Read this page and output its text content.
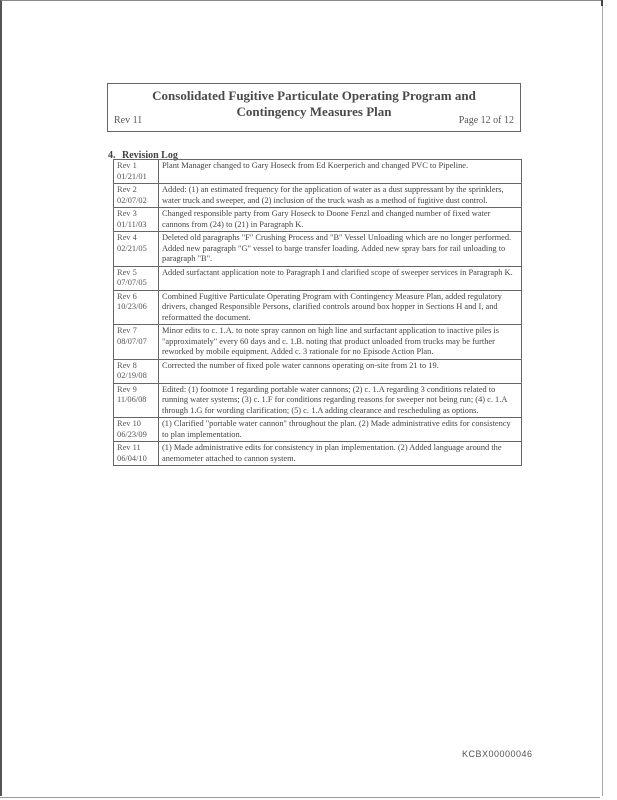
Consolidated Fugitive Particulate Operating Program and
Contingency Measures Plan
Rev 11	Page 12 of 12
4. Revision Log
Rev 1
01/21/01	Plant Manager changed to Gary Hoseck from Ed Koerperich and changed PVC to Pipeline.

Rev 2
02/07/02	Added: (1) an estimated frequency for the application of water as a dust suppressant by the sprinklers, water truck and sweeper, and (2) inclusion of the truck wash as a method of fugitive dust control.

Rev 3
01/11/03	Changed responsible party from Gary Hoseck to Doone Fenzl and changed number of fixed water cannons from (24) to (21) in Paragraph K.

Rev 4
02/21/05	Deleted old paragraphs "F" Crushing Process and "B" Vessel Unloading which are no longer performed. Added new paragraph "G" vessel to barge transfer loading. Added new spray bars for rail unloading to paragraph "B".

Rev 5
07/07/05	Added surfactant application note to Paragraph I and clarified scope of sweeper services in Paragraph K.

Rev 6
10/23/06	Combined Fugitive Particulate Operating Program with Contingency Measure Plan, added regulatory drivers, changed Responsible Persons, clarified controls around box hopper in Sections H and I, and reformatted the document.

Rev 7
08/07/07	Minor edits to c. 1.A. to note spray cannon on high line and surfactant application to inactive piles is "approximately" every 60 days and c. 1.B. noting that product unloaded from trucks may be further reworked by mobile equipment. Added c. 3 rationale for no Episode Action Plan.

Rev 8
02/19/08	Corrected the number of fixed pole water cannons operating on-site from 21 to 19.

Rev 9
11/06/08	Edited: (1) footnote 1 regarding portable water cannons; (2) c. 1.A regarding 3 conditions related to running water systems; (3) c. 1.F for conditions regarding reasons for sweeper not being run; (4) c. 1.A through 1.G for wording clarification; (5) c. 1.A adding clearance and rescheduling as options.

Rev 10
06/23/09	(1) Clarified "portable water cannon" throughout the plan. (2) Made administrative edits for consistency to plan implementation.

Rev 11
06/04/10	(1) Made administrative edits for consistency in plan implementation. (2) Added language around the anemometer attached to cannon system.
KCBX00000046
